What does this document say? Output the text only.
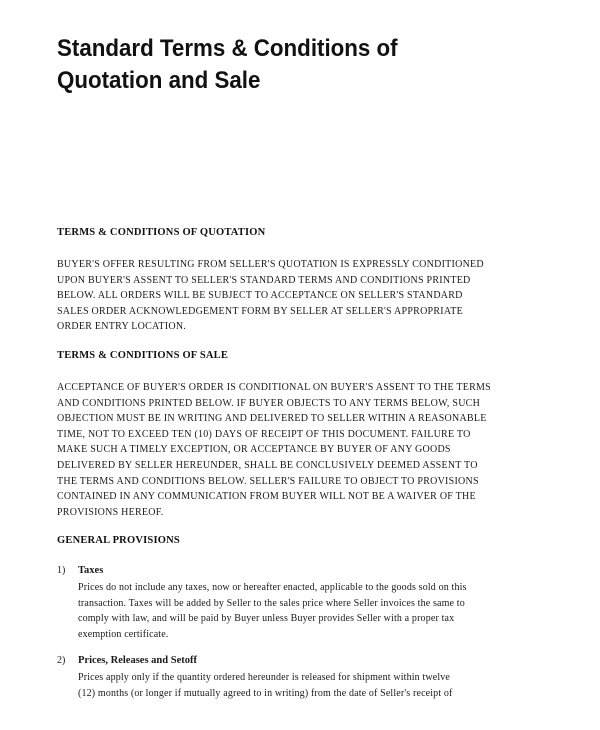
Standard Terms & Conditions of
Quotation and Sale
TERMS & CONDITIONS OF QUOTATION
BUYER'S OFFER RESULTING FROM SELLER'S QUOTATION IS EXPRESSLY CONDITIONED
UPON BUYER'S ASSENT TO SELLER'S STANDARD TERMS AND CONDITIONS PRINTED
BELOW. ALL ORDERS WILL BE SUBJECT TO ACCEPTANCE ON SELLER'S STANDARD
SALES ORDER ACKNOWLEDGEMENT FORM BY SELLER AT SELLER'S APPROPRIATE
ORDER ENTRY LOCATION.
TERMS & CONDITIONS OF SALE
ACCEPTANCE OF BUYER'S ORDER IS CONDITIONAL ON BUYER'S ASSENT TO THE TERMS
AND CONDITIONS PRINTED BELOW. IF BUYER OBJECTS TO ANY TERMS BELOW, SUCH
OBJECTION MUST BE IN WRITING AND DELIVERED TO SELLER WITHIN A REASONABLE
TIME, NOT TO EXCEED TEN (10) DAYS OF RECEIPT OF THIS DOCUMENT. FAILURE TO
MAKE SUCH A TIMELY EXCEPTION, OR ACCEPTANCE BY BUYER OF ANY GOODS
DELIVERED BY SELLER HEREUNDER, SHALL BE CONCLUSIVELY DEEMED ASSENT TO
THE TERMS AND CONDITIONS BELOW. SELLER'S FAILURE TO OBJECT TO PROVISIONS
CONTAINED IN ANY COMMUNICATION FROM BUYER WILL NOT BE A WAIVER OF THE
PROVISIONS HEREOF.
GENERAL PROVISIONS
1) Taxes
Prices do not include any taxes, now or hereafter enacted, applicable to the goods sold on this
transaction. Taxes will be added by Seller to the sales price where Seller invoices the same to
comply with law, and will be paid by Buyer unless Buyer provides Seller with a proper tax
exemption certificate.
2) Prices, Releases and Setoff
Prices apply only if the quantity ordered hereunder is released for shipment within twelve
(12) months (or longer if mutually agreed to in writing) from the date of Seller's receipt of
